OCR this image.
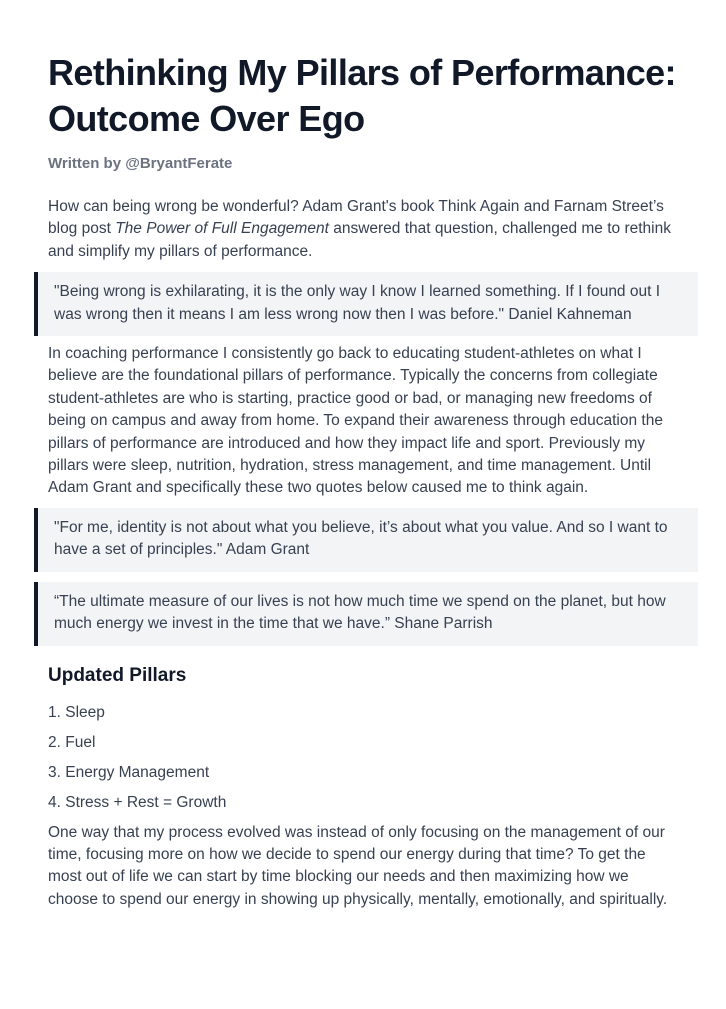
Rethinking My Pillars of Performance: Outcome Over Ego
Written by @BryantFerate

How can being wrong be wonderful? Adam Grant's book Think Again and Farnam Street’s blog post The Power of Full Engagement answered that question, challenged me to rethink and simplify my pillars of performance.

"Being wrong is exhilarating, it is the only way I know I learned something. If I found out I was wrong then it means I am less wrong now then I was before." Daniel Kahneman

In coaching performance I consistently go back to educating student-athletes on what I believe are the foundational pillars of performance. Typically the concerns from collegiate student-athletes are who is starting, practice good or bad, or managing new freedoms of being on campus and away from home. To expand their awareness through education the pillars of performance are introduced and how they impact life and sport. Previously my pillars were sleep, nutrition, hydration, stress management, and time management. Until Adam Grant and specifically these two quotes below caused me to think again.

"For me, identity is not about what you believe, it’s about what you value. And so I want to have a set of principles." Adam Grant
“The ultimate measure of our lives is not how much time we spend on the planet, but how much energy we invest in the time that we have.” Shane Parrish
Updated Pillars
1. Sleep
2. Fuel
3. Energy Management
4. Stress + Rest = Growth

One way that my process evolved was instead of only focusing on the management of our time, focusing more on how we decide to spend our energy during that time? To get the most out of life we can start by time blocking our needs and then maximizing how we choose to spend our energy in showing up physically, mentally, emotionally, and spiritually.
